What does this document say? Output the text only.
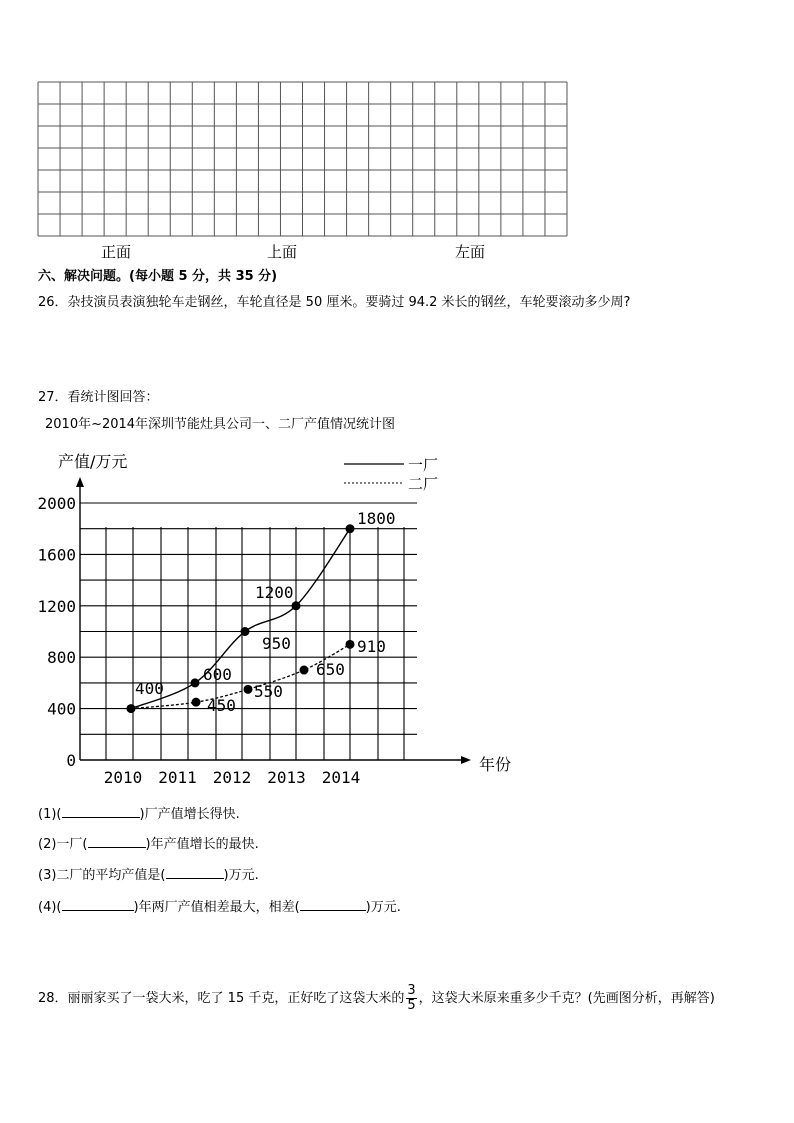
正面	上面	左面
六、解决问题。(每小题 5 分，共 35 分)
26．杂技演员表演独轮车走钢丝，车轮直径是 50 厘米。要骑过 94.2 米长的钢丝，车轮要滚动多少周?
27．看统计图回答：
2010年~2014年深圳节能灶具公司一、二厂产值情况统计图
产值/万元
0
400
800
1200
1600
2000
2010 2011 2012 2013 2014
年份
一厂
二厂
400
600
1200
1800
450
550
650
910
950
(1)(	)厂产值增长得快.
(2)一厂(	)年产值增长的最快.
(3)二厂的平均产值是(	)万元.
(4)(	)年两厂产值相差最大，相差(	)万元.
28．丽丽家买了一袋大米，吃了 15 千克，正好吃了这袋大米的 $\frac{3}{5}$ ，这袋大米原来重多少千克？(先画图分析，再解答)
